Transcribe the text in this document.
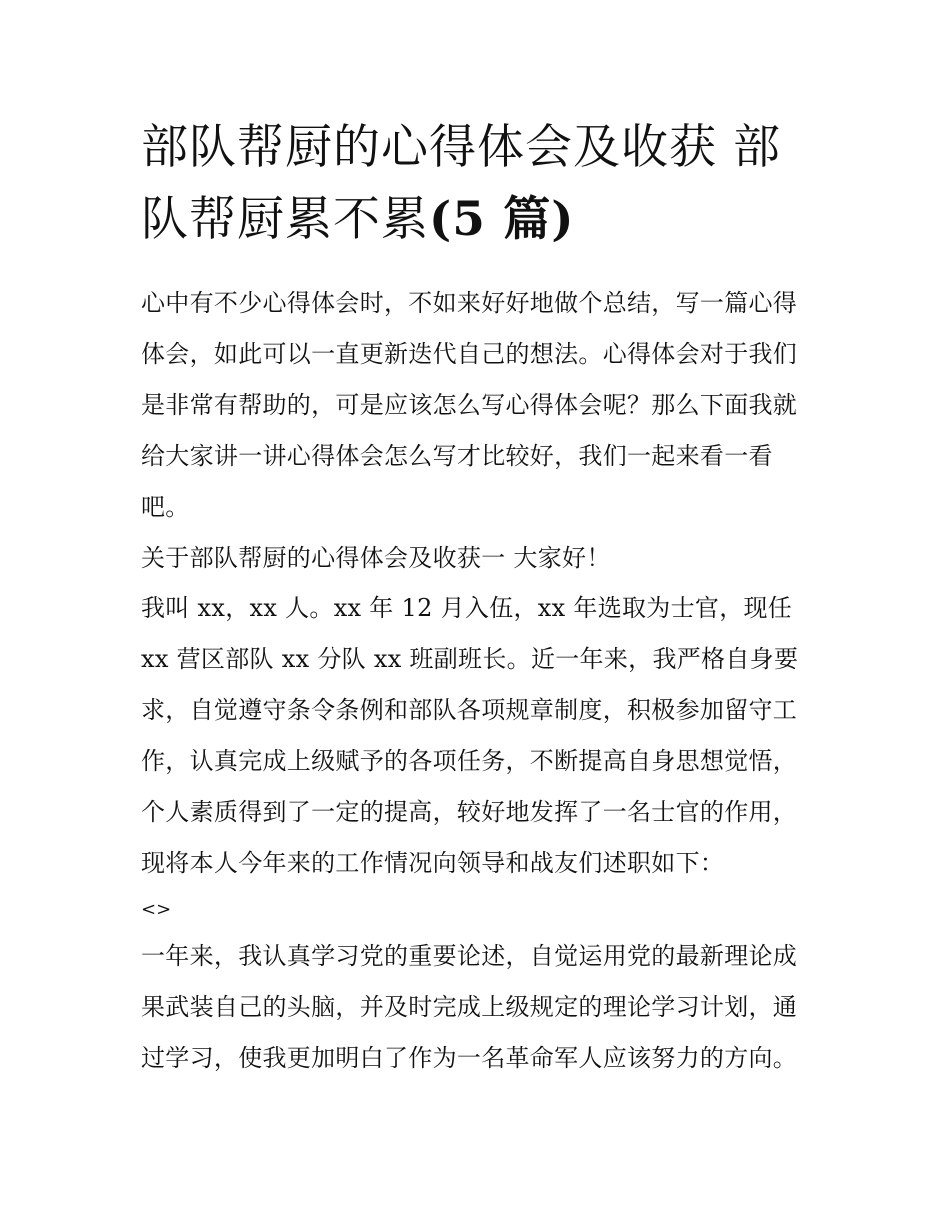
部队帮厨的心得体会及收获 部队帮厨累不累(5 篇)

心中有不少心得体会时，不如来好好地做个总结，写一篇心得体会，如此可以一直更新迭代自己的想法。心得体会对于我们是非常有帮助的，可是应该怎么写心得体会呢？那么下面我就给大家讲一讲心得体会怎么写才比较好，我们一起来看一看吧。

关于部队帮厨的心得体会及收获一 大家好！

我叫 xx，xx 人。xx 年 12 月入伍，xx 年选取为士官，现任 xx 营区部队 xx 分队 xx 班副班长。近一年来，我严格自身要求，自觉遵守条令条例和部队各项规章制度，积极参加留守工作，认真完成上级赋予的各项任务，不断提高自身思想觉悟，个人素质得到了一定的提高，较好地发挥了一名士官的作用，现将本人今年来的工作情况向领导和战友们述职如下：

<>

一年来，我认真学习党的重要论述，自觉运用党的最新理论成果武装自己的头脑，并及时完成上级规定的理论学习计划，通过学习，使我更加明白了作为一名革命军人应该努力的方向。
